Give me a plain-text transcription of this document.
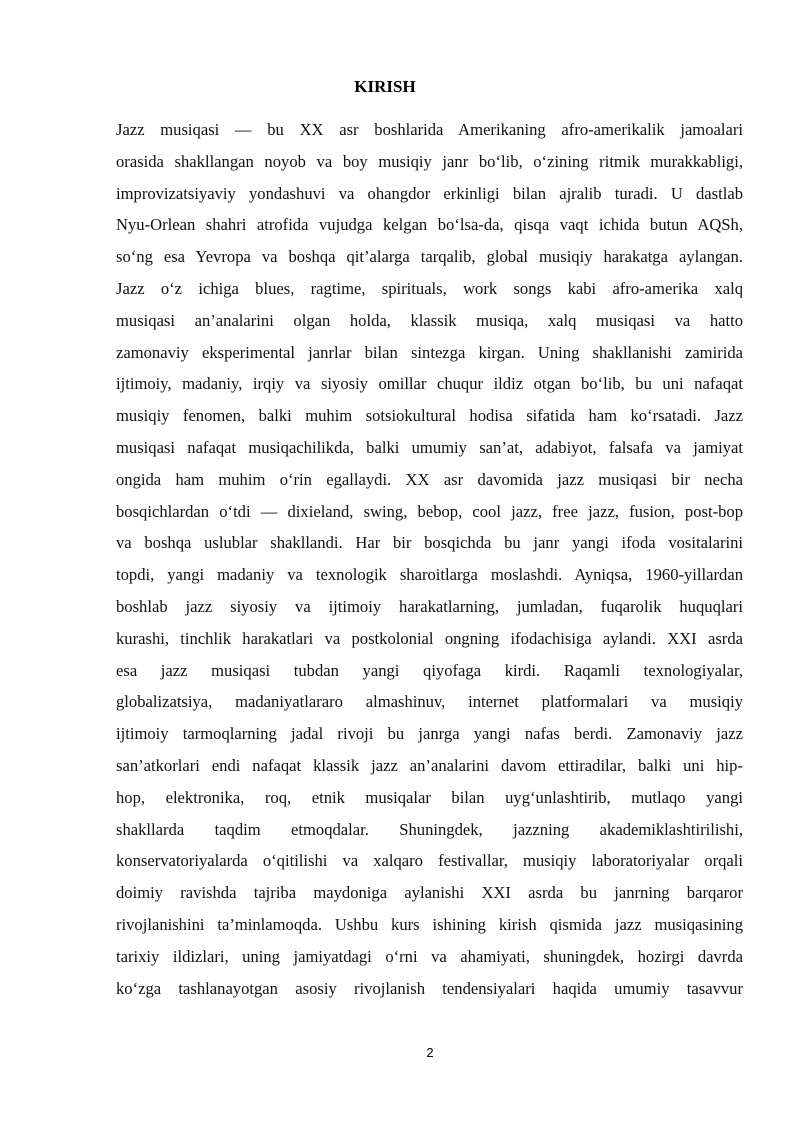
KIRISH
Jazz musiqasi — bu XX asr boshlarida Amerikaning afro-amerikalik jamoalari
orasida shakllangan noyob va boy musiqiy janr bo‘lib, o‘zining ritmik murakkabligi,
improvizatsiyaviy yondashuvi va ohangdor erkinligi bilan ajralib turadi. U dastlab
Nyu-Orlean shahri atrofida vujudga kelgan bo‘lsa-da, qisqa vaqt ichida butun AQSh,
so‘ng esa Yevropa va boshqa qit’alarga tarqalib, global musiqiy harakatga aylangan.
Jazz o‘z ichiga blues, ragtime, spirituals, work songs kabi afro-amerika xalq
musiqasi an’analarini olgan holda, klassik musiqa, xalq musiqasi va hatto
zamonaviy eksperimental janrlar bilan sintezga kirgan. Uning shakllanishi zamirida
ijtimoiy, madaniy, irqiy va siyosiy omillar chuqur ildiz otgan bo‘lib, bu uni nafaqat
musiqiy fenomen, balki muhim sotsiokultural hodisa sifatida ham ko‘rsatadi. Jazz
musiqasi nafaqat musiqachilikda, balki umumiy san’at, adabiyot, falsafa va jamiyat
ongida ham muhim o‘rin egallaydi. XX asr davomida jazz musiqasi bir necha
bosqichlardan o‘tdi — dixieland, swing, bebop, cool jazz, free jazz, fusion, post-bop
va boshqa uslublar shakllandi. Har bir bosqichda bu janr yangi ifoda vositalarini
topdi, yangi madaniy va texnologik sharoitlarga moslashdi. Ayniqsa, 1960-yillardan
boshlab jazz siyosiy va ijtimoiy harakatlarning, jumladan, fuqarolik huquqlari
kurashi, tinchlik harakatlari va postkolonial ongning ifodachisiga aylandi. XXI asrda
esa jazz musiqasi tubdan yangi qiyofaga kirdi. Raqamli texnologiyalar,
globalizatsiya, madaniyatlararo almashinuv, internet platformalari va musiqiy
ijtimoiy tarmoqlarning jadal rivoji bu janrga yangi nafas berdi. Zamonaviy jazz
san’atkorlari endi nafaqat klassik jazz an’analarini davom ettiradilar, balki uni hip-
hop, elektronika, roq, etnik musiqalar bilan uyg‘unlashtirib, mutlaqo yangi
shakllarda taqdim etmoqdalar. Shuningdek, jazzning akademiklashtirilishi,
konservatoriyalarda o‘qitilishi va xalqaro festivallar, musiqiy laboratoriyalar orqali
doimiy ravishda tajriba maydoniga aylanishi XXI asrda bu janrning barqaror
rivojlanishini ta’minlamoqda. Ushbu kurs ishining kirish qismida jazz musiqasining
tarixiy ildizlari, uning jamiyatdagi o‘rni va ahamiyati, shuningdek, hozirgi davrda
ko‘zga tashlanayotgan asosiy rivojlanish tendensiyalari haqida umumiy tasavvur
2
